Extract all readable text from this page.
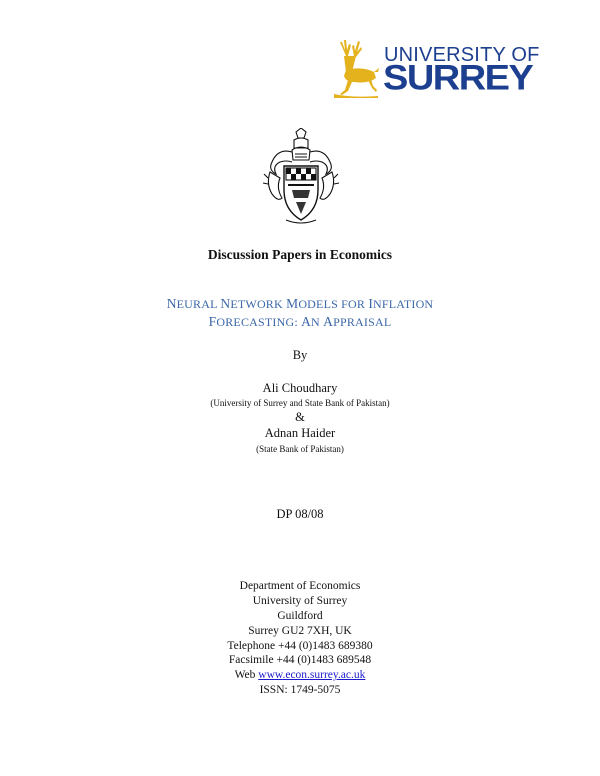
UNIVERSITY OF
SURREY
Discussion Papers in Economics
NEURAL NETWORK MODELS FOR INFLATION
FORECASTING: AN APPRAISAL
By
Ali Choudhary
(University of Surrey and State Bank of Pakistan)
&
Adnan Haider
(State Bank of Pakistan)
DP 08/08
Department of Economics
University of Surrey
Guildford
Surrey GU2 7XH, UK
Telephone +44 (0)1483 689380
Facsimile +44 (0)1483 689548
Web www.econ.surrey.ac.uk
ISSN: 1749-5075
